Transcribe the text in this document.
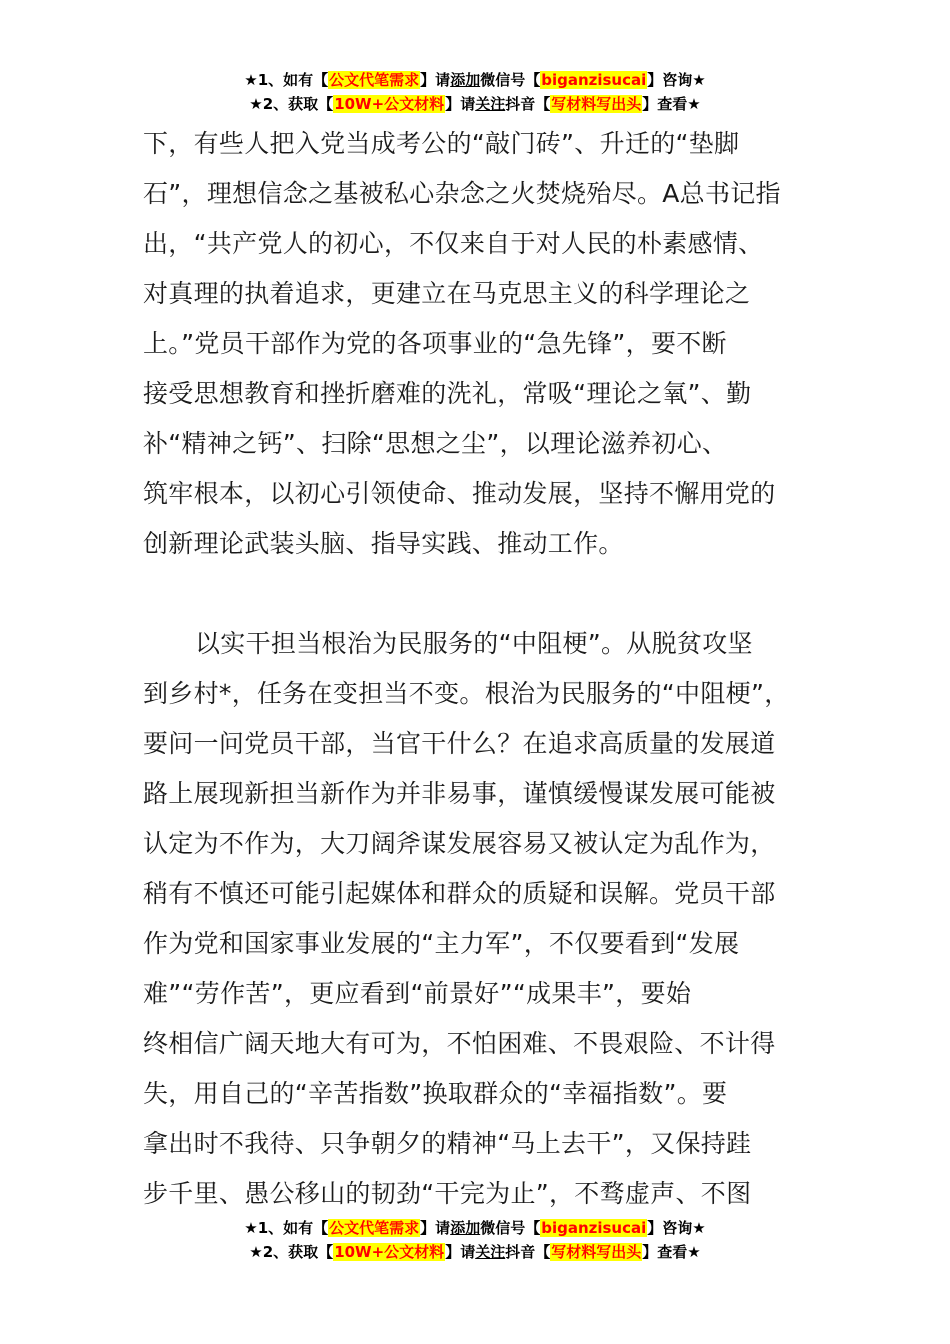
★1、如有【公文代笔需求】请添加微信号【biganzisucai】咨询★
★2、获取【10W+公文材料】请关注抖音【写材料写出头】查看★
下，有些人把入党当成考公的“敲门砖”、升迁的“垫脚
石”，理想信念之基被私心杂念之火焚烧殆尽。A总书记指
出，“共产党人的初心，不仅来自于对人民的朴素感情、
对真理的执着追求，更建立在马克思主义的科学理论之
上。”党员干部作为党的各项事业的“急先锋”，要不断
接受思想教育和挫折磨难的洗礼，常吸“理论之氧”、勤
补“精神之钙”、扫除“思想之尘”，以理论滋养初心、
筑牢根本，以初心引领使命、推动发展，坚持不懈用党的
创新理论武装头脑、指导实践、推动工作。
以实干担当根治为民服务的“中阻梗”。从脱贫攻坚
到乡村*，任务在变担当不变。根治为民服务的“中阻梗”，
要问一问党员干部，当官干什么？在追求高质量的发展道
路上展现新担当新作为并非易事，谨慎缓慢谋发展可能被
认定为不作为，大刀阔斧谋发展容易又被认定为乱作为，
稍有不慎还可能引起媒体和群众的质疑和误解。党员干部
作为党和国家事业发展的“主力军”，不仅要看到“发展
难”“劳作苦”，更应看到“前景好”“成果丰”，要始
终相信广阔天地大有可为，不怕困难、不畏艰险、不计得
失，用自己的“辛苦指数”换取群众的“幸福指数”。要
拿出时不我待、只争朝夕的精神“马上去干”，又保持跬
步千里、愚公移山的韧劲“干完为止”，不骛虚声、不图
★1、如有【公文代笔需求】请添加微信号【biganzisucai】咨询★
★2、获取【10W+公文材料】请关注抖音【写材料写出头】查看★
